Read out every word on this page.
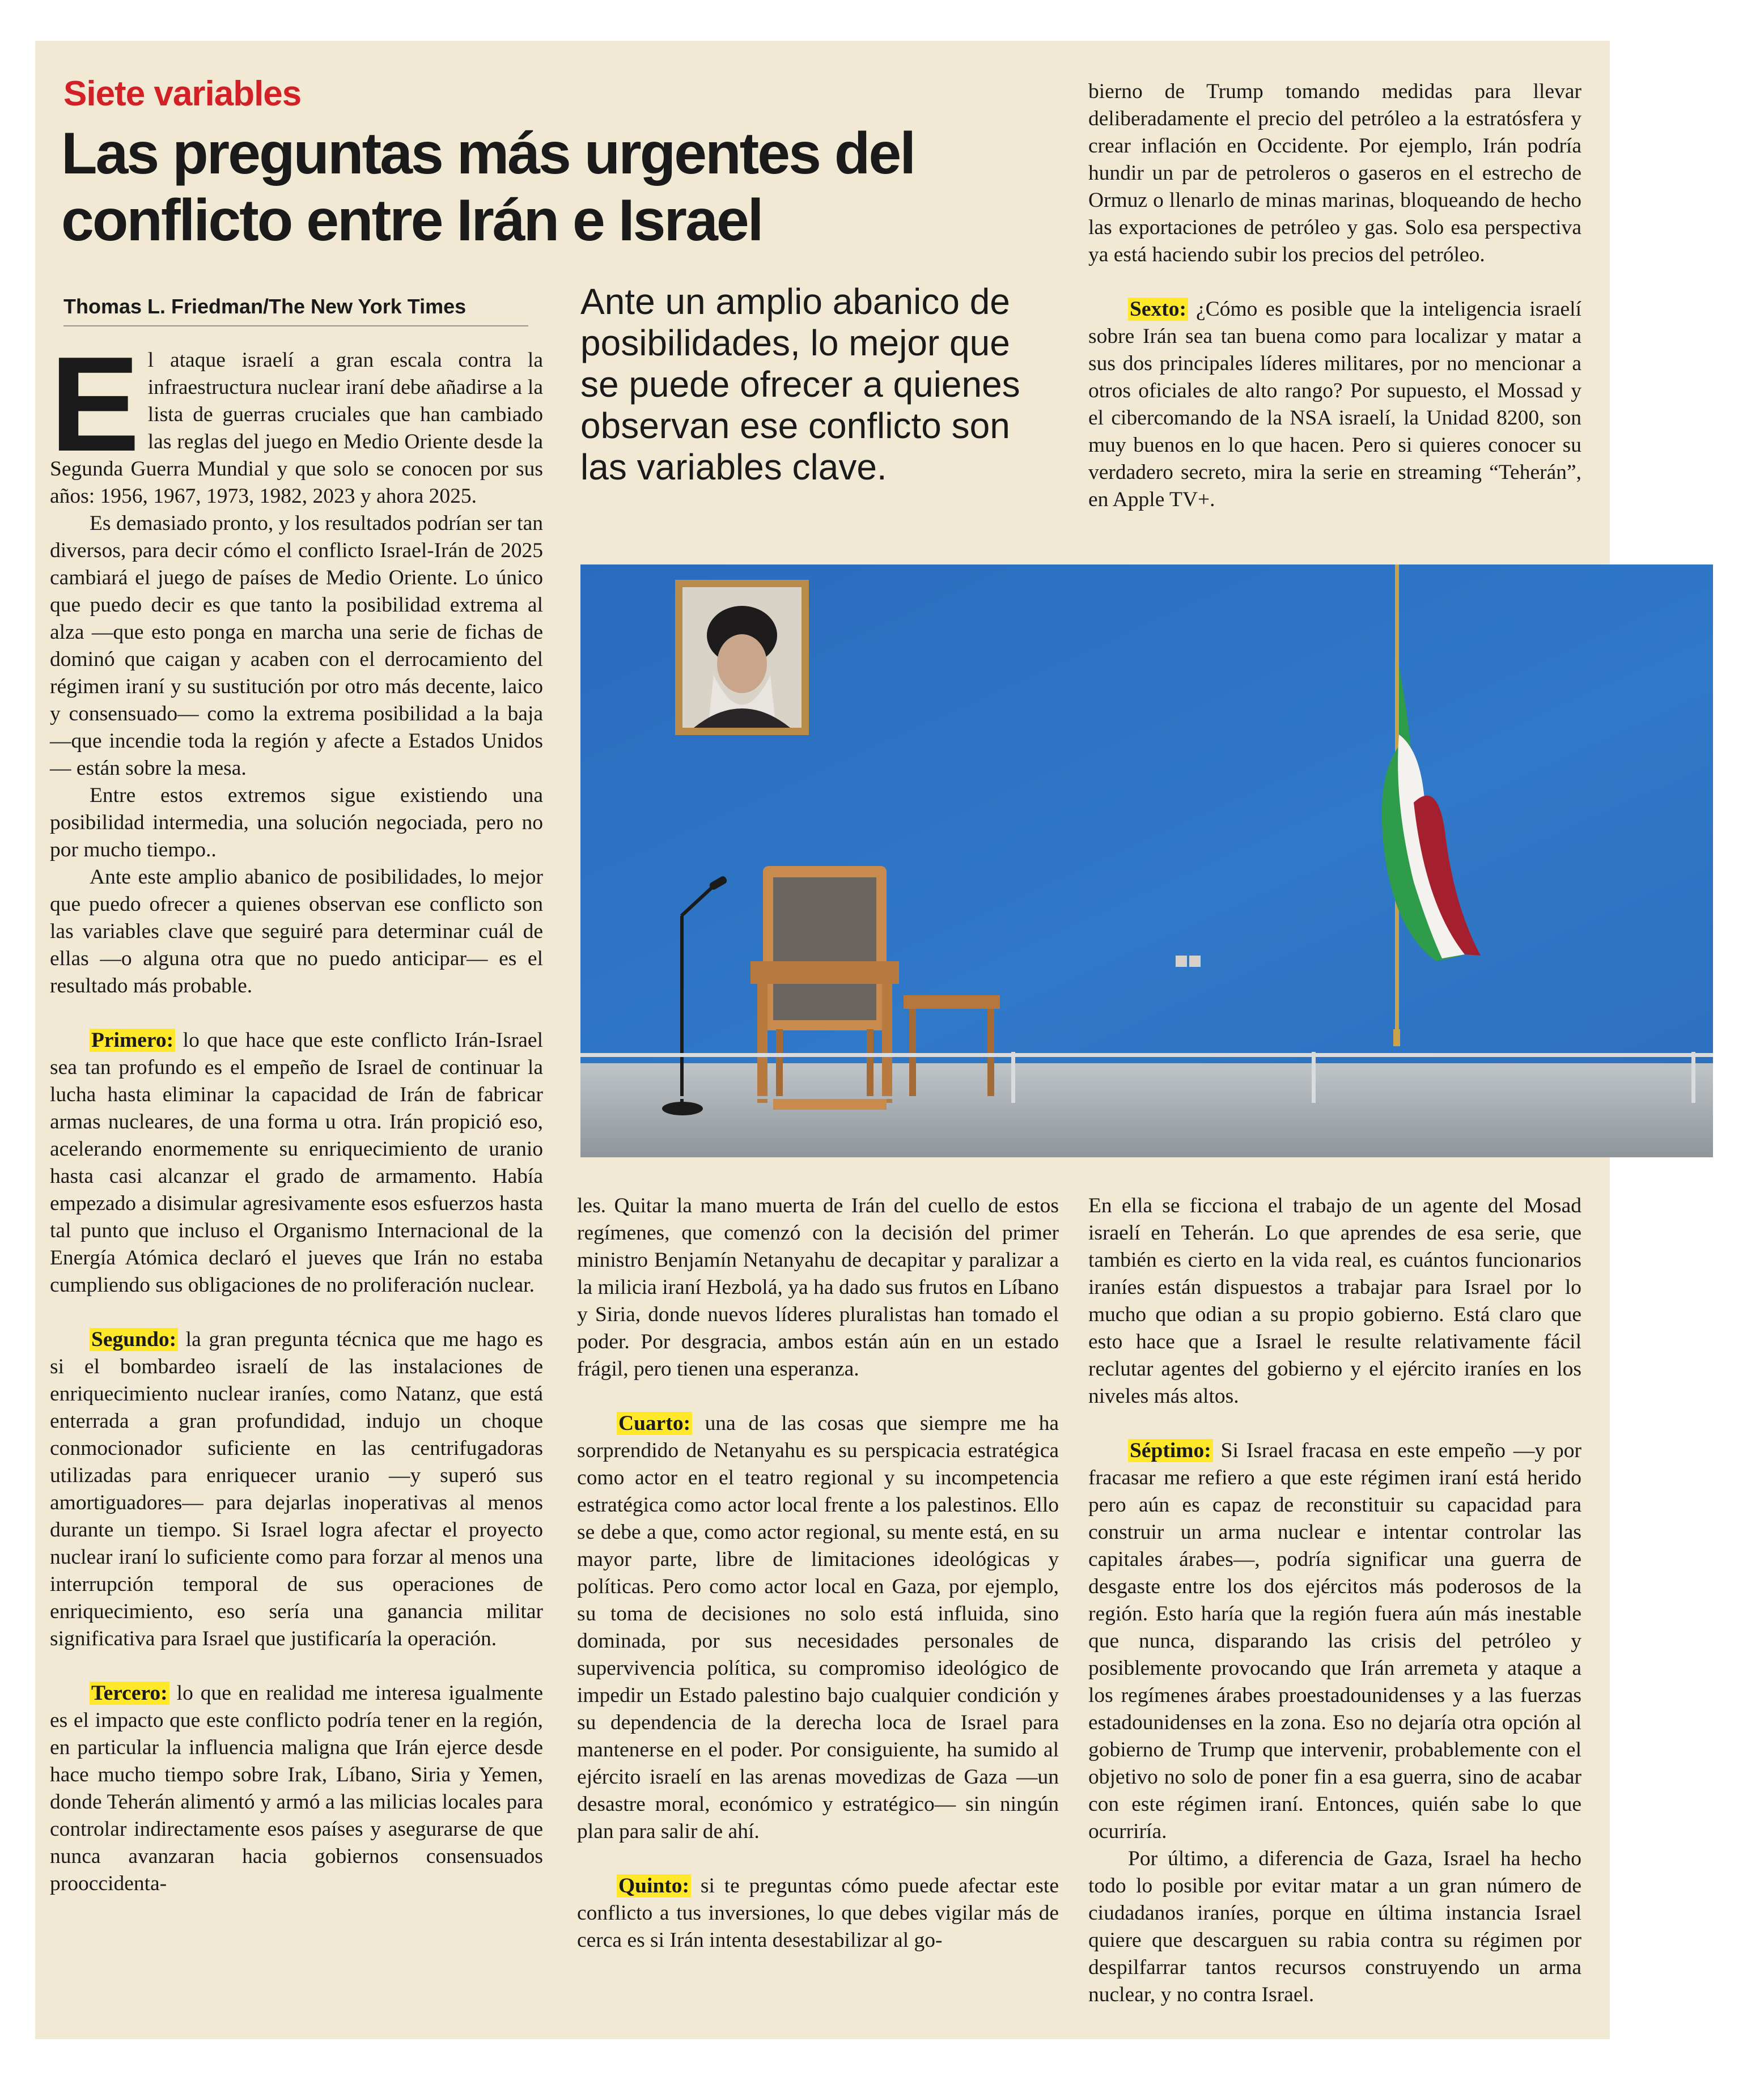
Siete variables
Las preguntas más urgentes del conflicto entre Irán e Israel
Thomas L. Friedman/The New York Times	Ante un amplio abanico de posibilidades, lo mejor que se puede ofrecer a quienes observan ese conflicto son las variables clave.

El ataque israelí a gran escala contra la infraestructura nuclear iraní debe añadirse a la lista de guerras cruciales que han cambiado las reglas del juego en Medio Oriente desde la Segunda Guerra Mundial y que solo se conocen por sus años: 1956, 1967, 1973, 1982, 2023 y ahora 2025.

Es demasiado pronto, y los resultados podrían ser tan diversos, para decir cómo el conflicto Israel-Irán de 2025 cambiará el juego de países de Medio Oriente. Lo único que puedo decir es que tanto la posibilidad extrema al alza —que esto ponga en marcha una serie de fichas de dominó que caigan y acaben con el derrocamiento del régimen iraní y su sustitución por otro más decente, laico y consensuado— como la extrema posibilidad a la baja —que incendie toda la región y afecte a Estados Unidos— están sobre la mesa.

Entre estos extremos sigue existiendo una posibilidad intermedia, una solución negociada, pero no por mucho tiempo..

Ante este amplio abanico de posibilidades, lo mejor que puedo ofrecer a quienes observan ese conflicto son las variables clave que seguiré para determinar cuál de ellas —o alguna otra que no puedo anticipar— es el resultado más probable.

Primero: lo que hace que este conflicto Irán-Israel sea tan profundo es el empeño de Israel de continuar la lucha hasta eliminar la capacidad de Irán de fabricar armas nucleares, de una forma u otra. Irán propició eso, acelerando enormemente su enriquecimiento de uranio hasta casi alcanzar el grado de armamento. Había empezado a disimular agresivamente esos esfuerzos hasta tal punto que incluso el Organismo Internacional de la Energía Atómica declaró el jueves que Irán no estaba cumpliendo sus obligaciones de no proliferación nuclear.

Segundo: la gran pregunta técnica que me hago es si el bombardeo israelí de las instalaciones de enriquecimiento nuclear iraníes, como Natanz, que está enterrada a gran profundidad, indujo un choque conmocionador suficiente en las centrifugadoras utilizadas para enriquecer uranio —y superó sus amortiguadores— para dejarlas inoperativas al menos durante un tiempo. Si Israel logra afectar el proyecto nuclear iraní lo suficiente como para forzar al menos una interrupción temporal de sus operaciones de enriquecimiento, eso sería una ganancia militar significativa para Israel que justificaría la operación.

Tercero: lo que en realidad me interesa igualmente es el impacto que este conflicto podría tener en la región, en particular la influencia maligna que Irán ejerce desde hace mucho tiempo sobre Irak, Líbano, Siria y Yemen, donde Teherán alimentó y armó a las milicias locales para controlar indirectamente esos países y asegurarse de que nunca avanzaran hacia gobiernos consensuados prooccidenta-

les. Quitar la mano muerta de Irán del cuello de estos regímenes, que comenzó con la decisión del primer ministro Benjamín Netanyahu de decapitar y paralizar a la milicia iraní Hezbolá, ya ha dado sus frutos en Líbano y Siria, donde nuevos líderes pluralistas han tomado el poder. Por desgracia, ambos están aún en un estado frágil, pero tienen una esperanza.

Cuarto: una de las cosas que siempre me ha sorprendido de Netanyahu es su perspicacia estratégica como actor en el teatro regional y su incompetencia estratégica como actor local frente a los palestinos. Ello se debe a que, como actor regional, su mente está, en su mayor parte, libre de limitaciones ideológicas y políticas. Pero como actor local en Gaza, por ejemplo, su toma de decisiones no solo está influida, sino dominada, por sus necesidades personales de supervivencia política, su compromiso ideológico de impedir un Estado palestino bajo cualquier condición y su dependencia de la derecha loca de Israel para mantenerse en el poder. Por consiguiente, ha sumido al ejército israelí en las arenas movedizas de Gaza —un desastre moral, económico y estratégico— sin ningún plan para salir de ahí.

Quinto: si te preguntas cómo puede afectar este conflicto a tus inversiones, lo que debes vigilar más de cerca es si Irán intenta desestabilizar al go-

bierno de Trump tomando medidas para llevar deliberadamente el precio del petróleo a la estratósfera y crear inflación en Occidente. Por ejemplo, Irán podría hundir un par de petroleros o gaseros en el estrecho de Ormuz o llenarlo de minas marinas, bloqueando de hecho las exportaciones de petróleo y gas. Solo esa perspectiva ya está haciendo subir los precios del petróleo.

Sexto: ¿Cómo es posible que la inteligencia israelí sobre Irán sea tan buena como para localizar y matar a sus dos principales líderes militares, por no mencionar a otros oficiales de alto rango? Por supuesto, el Mossad y el cibercomando de la NSA israelí, la Unidad 8200, son muy buenos en lo que hacen. Pero si quieres conocer su verdadero secreto, mira la serie en streaming “Teherán”, en Apple TV+.

En ella se ficciona el trabajo de un agente del Mosad israelí en Teherán. Lo que aprendes de esa serie, que también es cierto en la vida real, es cuántos funcionarios iraníes están dispuestos a trabajar para Israel por lo mucho que odian a su propio gobierno. Está claro que esto hace que a Israel le resulte relativamente fácil reclutar agentes del gobierno y el ejército iraníes en los niveles más altos.

Séptimo: Si Israel fracasa en este empeño —y por fracasar me refiero a que este régimen iraní está herido pero aún es capaz de reconstituir su capacidad para construir un arma nuclear e intentar controlar las capitales árabes—, podría significar una guerra de desgaste entre los dos ejércitos más poderosos de la región. Esto haría que la región fuera aún más inestable que nunca, disparando las crisis del petróleo y posiblemente provocando que Irán arremeta y ataque a los regímenes árabes proestadounidenses y a las fuerzas estadounidenses en la zona. Eso no dejaría otra opción al gobierno de Trump que intervenir, probablemente con el objetivo no solo de poner fin a esa guerra, sino de acabar con este régimen iraní. Entonces, quién sabe lo que ocurriría.

Por último, a diferencia de Gaza, Israel ha hecho todo lo posible por evitar matar a un gran número de ciudadanos iraníes, porque en última instancia Israel quiere que descarguen su rabia contra su régimen por despilfarrar tantos recursos construyendo un arma nuclear, y no contra Israel.
